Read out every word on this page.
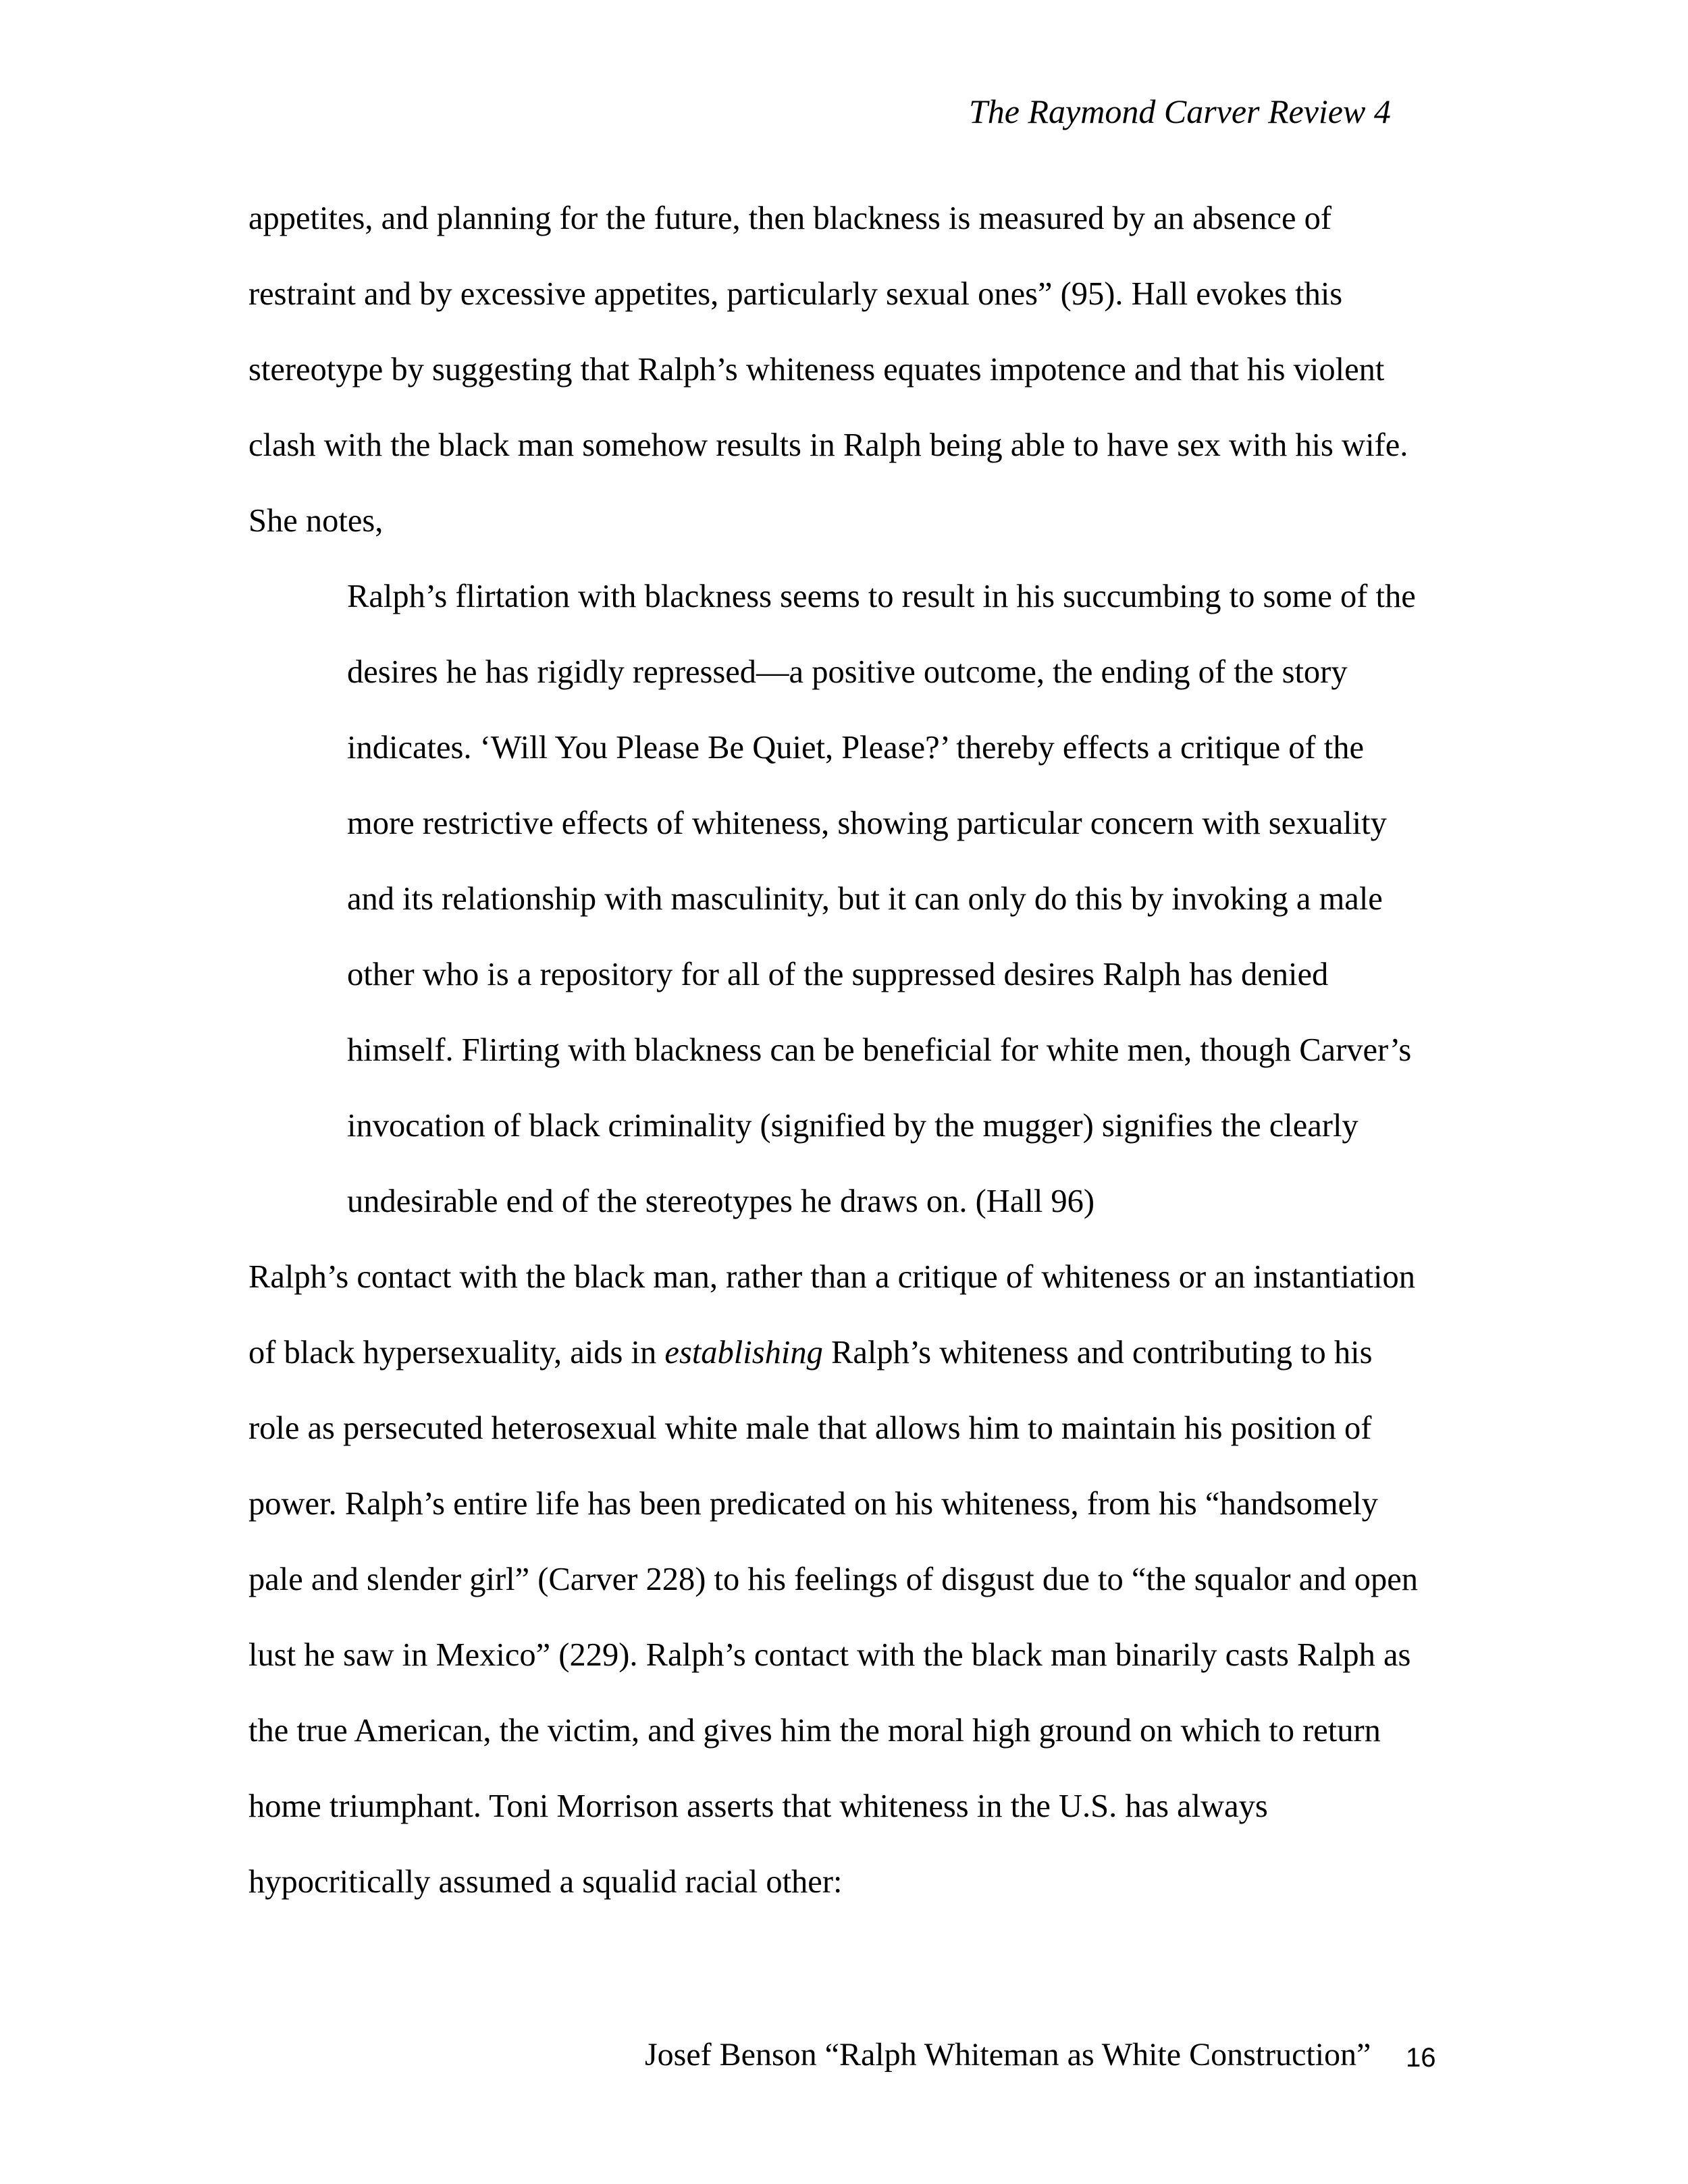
The Raymond Carver Review 4
appetites, and planning for the future, then blackness is measured by an absence of
restraint and by excessive appetites, particularly sexual ones” (95). Hall evokes this
stereotype by suggesting that Ralph’s whiteness equates impotence and that his violent
clash with the black man somehow results in Ralph being able to have sex with his wife.
She notes,
Ralph’s flirtation with blackness seems to result in his succumbing to some of the
desires he has rigidly repressed—a positive outcome, the ending of the story
indicates. ‘Will You Please Be Quiet, Please?’ thereby effects a critique of the
more restrictive effects of whiteness, showing particular concern with sexuality
and its relationship with masculinity, but it can only do this by invoking a male
other who is a repository for all of the suppressed desires Ralph has denied
himself. Flirting with blackness can be beneficial for white men, though Carver’s
invocation of black criminality (signified by the mugger) signifies the clearly
undesirable end of the stereotypes he draws on. (Hall 96)
Ralph’s contact with the black man, rather than a critique of whiteness or an instantiation
of black hypersexuality, aids in establishing Ralph’s whiteness and contributing to his
role as persecuted heterosexual white male that allows him to maintain his position of
power. Ralph’s entire life has been predicated on his whiteness, from his “handsomely
pale and slender girl” (Carver 228) to his feelings of disgust due to “the squalor and open
lust he saw in Mexico” (229). Ralph’s contact with the black man binarily casts Ralph as
the true American, the victim, and gives him the moral high ground on which to return
home triumphant. Toni Morrison asserts that whiteness in the U.S. has always
hypocritically assumed a squalid racial other:
Josef Benson “Ralph Whiteman as White Construction” 16
